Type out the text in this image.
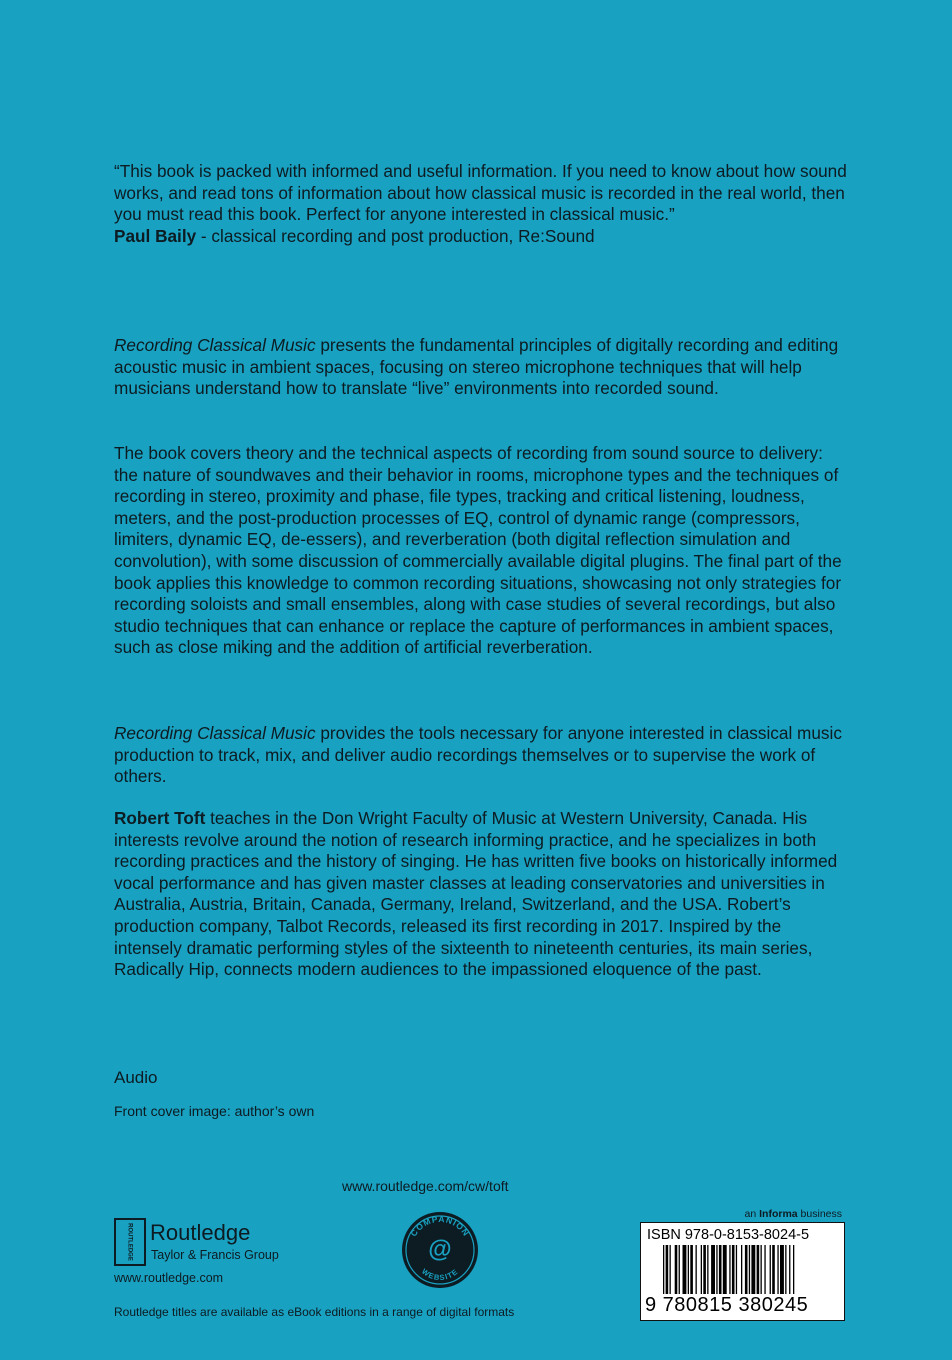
“This book is packed with informed and useful information. If you need to know about how sound works, and read tons of information about how classical music is recorded in the real world, then you must read this book. Perfect for anyone interested in classical music.”

Paul Baily - classical recording and post production, Re:Sound

Recording Classical Music presents the fundamental principles of digitally recording and editing acoustic music in ambient spaces, focusing on stereo microphone techniques that will help musicians understand how to translate “live” environments into recorded sound.

The book covers theory and the technical aspects of recording from sound source to delivery: the nature of soundwaves and their behavior in rooms, microphone types and the techniques of recording in stereo, proximity and phase, file types, tracking and critical listening, loudness, meters, and the post-production processes of EQ, control of dynamic range (compressors, limiters, dynamic EQ, de-essers), and reverberation (both digital reflection simulation and convolution), with some discussion of commercially available digital plugins. The final part of the book applies this knowledge to common recording situations, showcasing not only strategies for recording soloists and small ensembles, along with case studies of several recordings, but also studio techniques that can enhance or replace the capture of performances in ambient spaces, such as close miking and the addition of artificial reverberation.

Recording Classical Music provides the tools necessary for anyone interested in classical music production to track, mix, and deliver audio recordings themselves or to supervise the work of others.

Robert Toft teaches in the Don Wright Faculty of Music at Western University, Canada. His interests revolve around the notion of research informing practice, and he specializes in both recording practices and the history of singing. He has written five books on historically informed vocal performance and has given master classes at leading conservatories and universities in Australia, Austria, Britain, Canada, Germany, Ireland, Switzerland, and the USA. Robert’s production company, Talbot Records, released its first recording in 2017. Inspired by the intensely dramatic performing styles of the sixteenth to nineteenth centuries, its main series, Radically Hip, connects modern audiences to the impassioned eloquence of the past.

Audio
Front cover image: author’s own
www.routledge.com/cw/toft
ROUTLEDGE Routledge
Taylor & Francis Group
www.routledge.com
COMPANION
@
WEBSITE
an Informa business
ISBN 978-0-8153-8024-5
9 780815 380245
Routledge titles are available as eBook editions in a range of digital formats
